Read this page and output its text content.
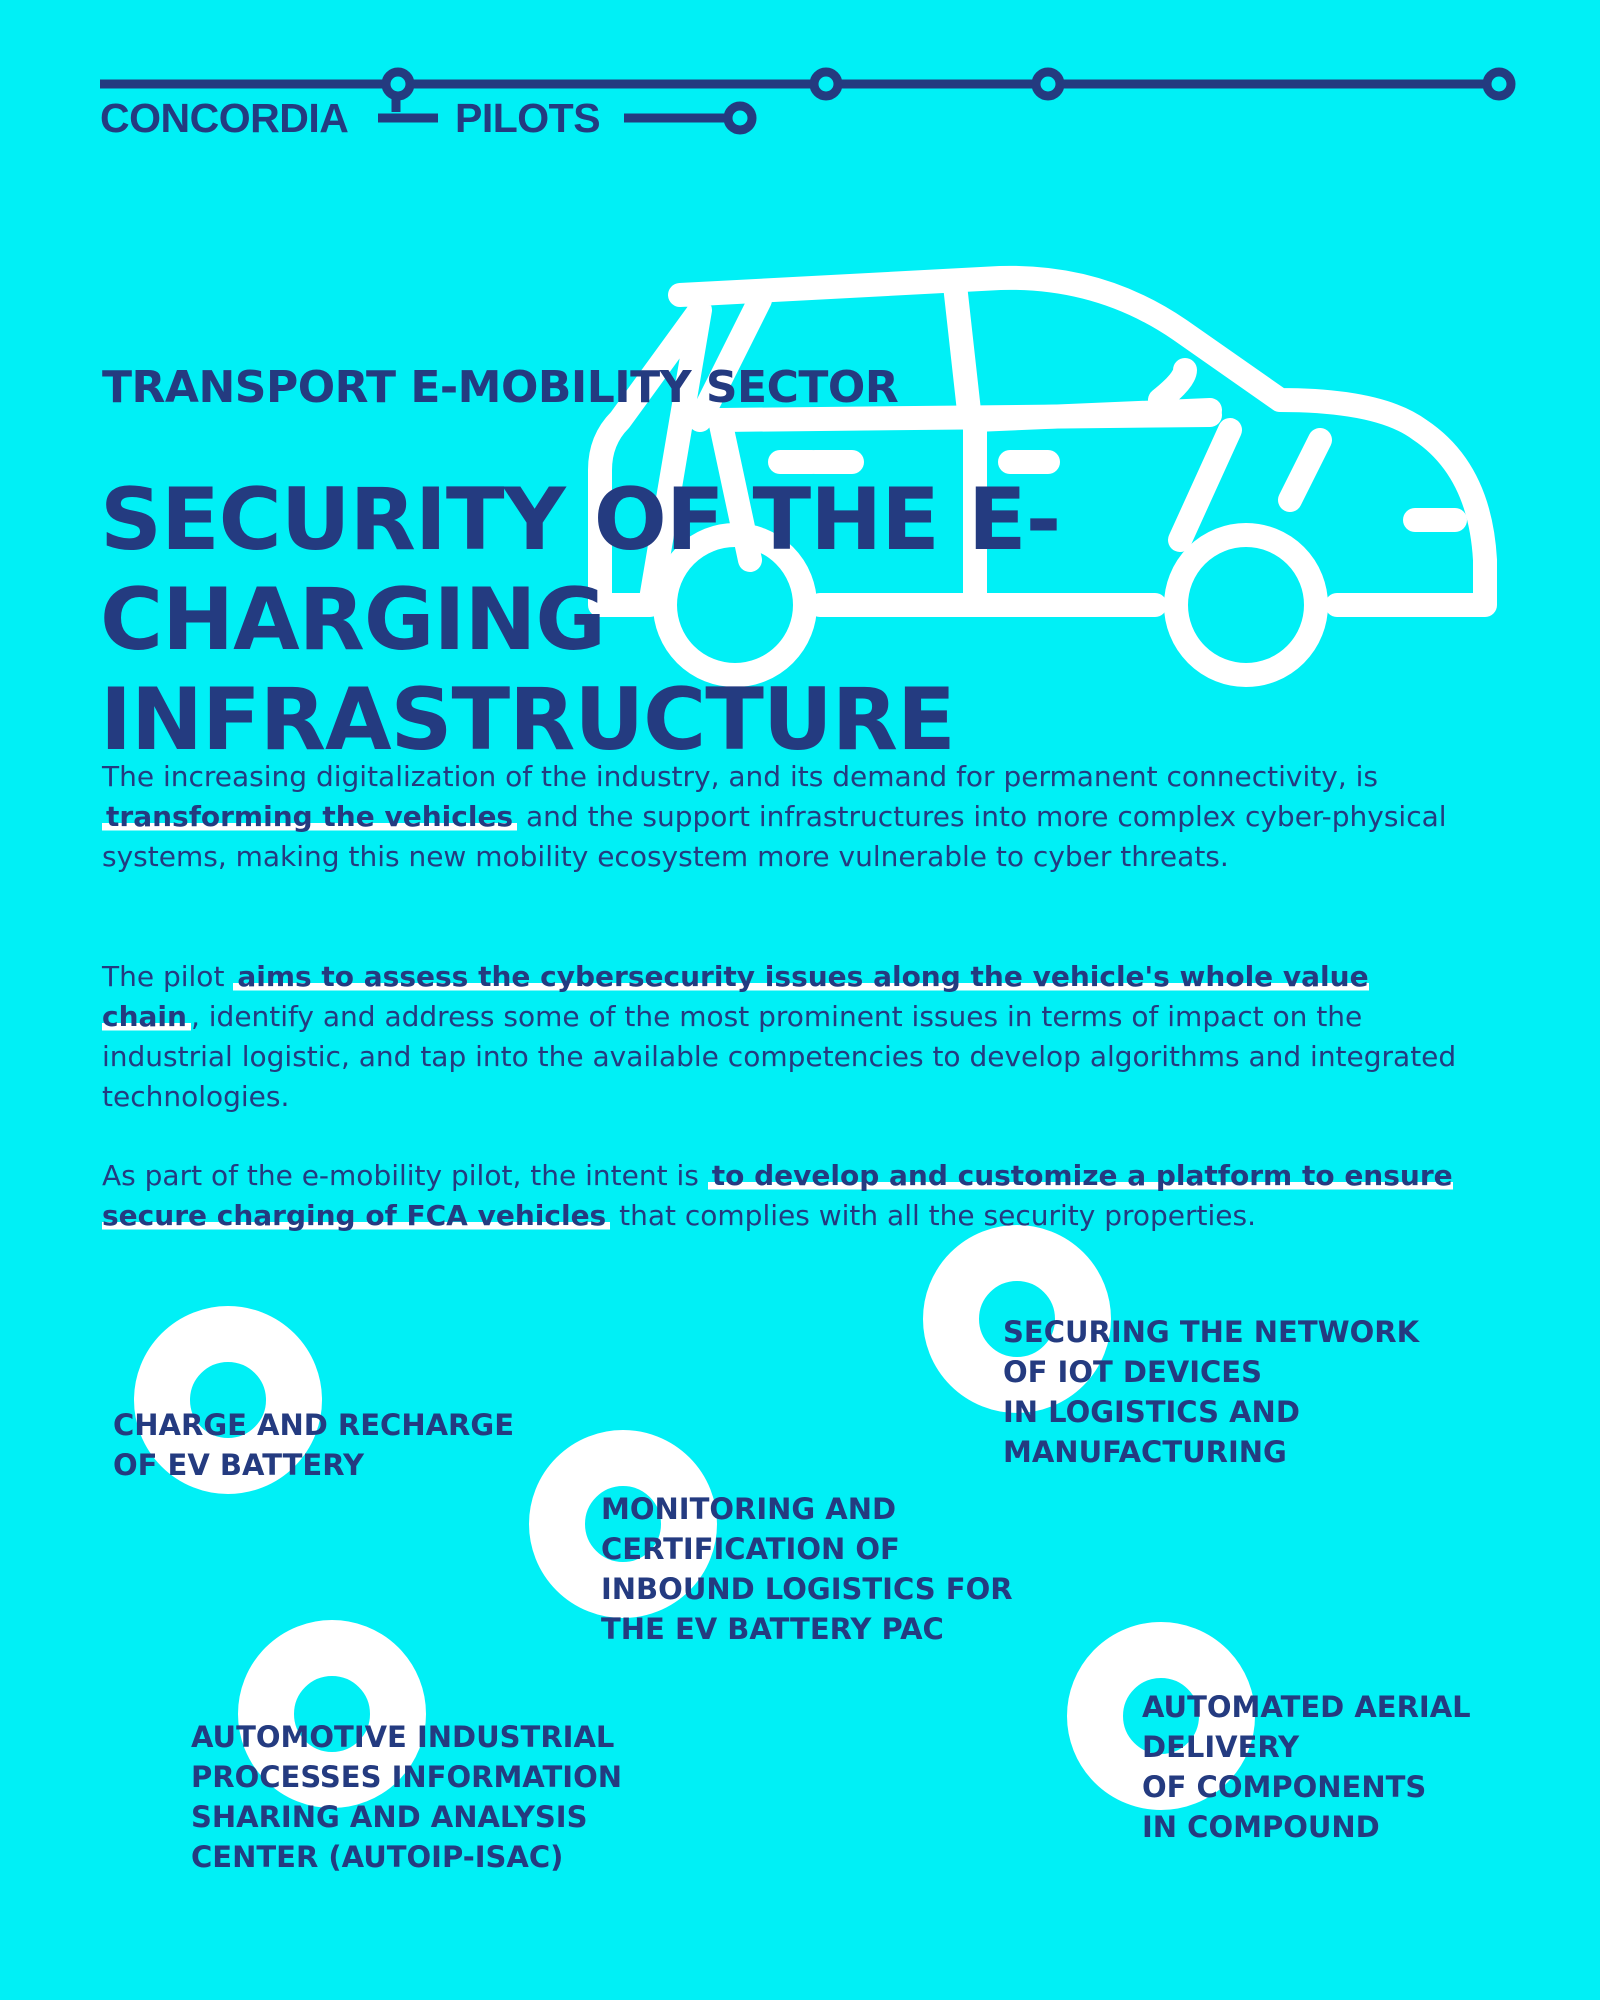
CONCORDIA	PILOTS
TRANSPORT E-MOBILITY SECTOR
SECURITY OF THE E-CHARGING
INFRASTRUCTURE

The increasing digitalization of the industry, and its demand for permanent connectivity, is transforming the vehicles and the support infrastructures into more complex cyber-physical systems, making this new mobility ecosystem more vulnerable to cyber threats.

The pilot aims to assess the cybersecurity issues along the vehicle's whole value chain , identify and address some of the most prominent issues in terms of impact on the industrial logistic, and tap into the available competencies to develop algorithms and integrated technologies.

As part of the e-mobility pilot, the intent is to develop and customize a platform to ensure secure charging of FCA vehicles that complies with all the security properties.

CHARGE AND RECHARGE
OF EV BATTERY
SECURING THE NETWORK
OF IOT DEVICES
IN LOGISTICS AND
MANUFACTURING
MONITORING AND
CERTIFICATION OF
INBOUND LOGISTICS FOR
THE EV BATTERY PAC
AUTOMOTIVE INDUSTRIAL
PROCESSES INFORMATION
SHARING AND ANALYSIS
CENTER (AUTOIP-ISAC)
AUTOMATED AERIAL
DELIVERY
OF COMPONENTS
IN COMPOUND
